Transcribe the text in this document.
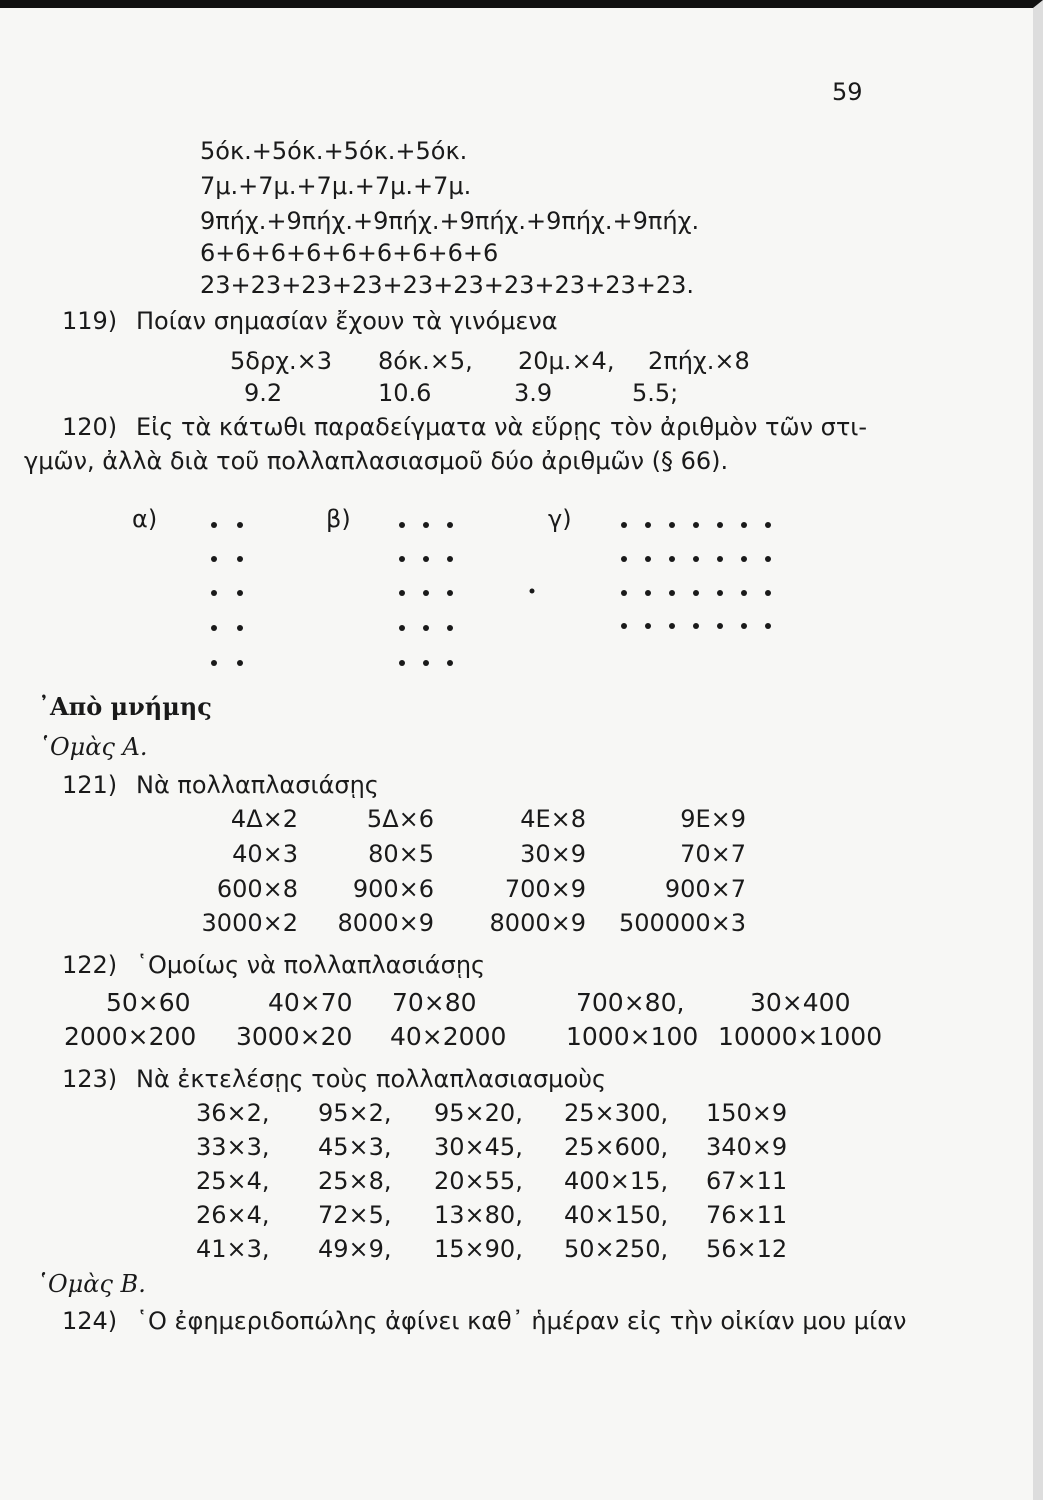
59
5όκ.+5όκ.+5όκ.+5όκ.
7μ.+7μ.+7μ.+7μ.+7μ.
9πήχ.+9πήχ.+9πήχ.+9πήχ.+9πήχ.+9πήχ.
6+6+6+6+6+6+6+6+6
23+23+23+23+23+23+23+23+23+23.
119) Ποίαν σημασίαν ἔχουν τὰ γινόμενα
5δρχ.×3 8όκ.×5, 20μ.×4, 2πήχ.×8
9.2	10.6	3.9	5.5;
120) Εἰς τὰ κάτωθι παραδείγματα νὰ εὕρῃς τὸν ἀριθμὸν τῶν στι-
γμῶν, ἀλλὰ διὰ τοῦ πολλαπλασιασμοῦ δύο ἀριθμῶν (§ 66).
α)	β)	γ)
᾽Απὸ μνήμης
῾Ομὰς Α.
121) Νὰ πολλαπλασιάσῃς
4Δ×2	5Δ×6	4Ε×8	9Ε×9
40×3	80×5	30×9	70×7
600×8	900×6	700×9	900×7
3000×2	8000×9	8000×9	500000×3
122) ῾Ομοίως νὰ πολλαπλασιάσῃς
50×60	40×70 70×80	700×80,	30×400
2000×200 3000×20 40×2000 1000×100 10000×1000
123) Νὰ ἐκτελέσῃς τοὺς πολλαπλασιασμοὺς
36×2, 95×2, 95×20, 25×300, 150×9
33×3, 45×3, 30×45, 25×600, 340×9
25×4, 25×8, 20×55, 400×15, 67×11
26×4, 72×5, 13×80, 40×150, 76×11
41×3, 49×9, 15×90, 50×250, 56×12
῾Ομὰς Β.
124) ῾Ο ἐφημεριδοπώλης ἀφίνει καθ᾽ ἡμέραν εἰς τὴν οἰκίαν μου μίαν
